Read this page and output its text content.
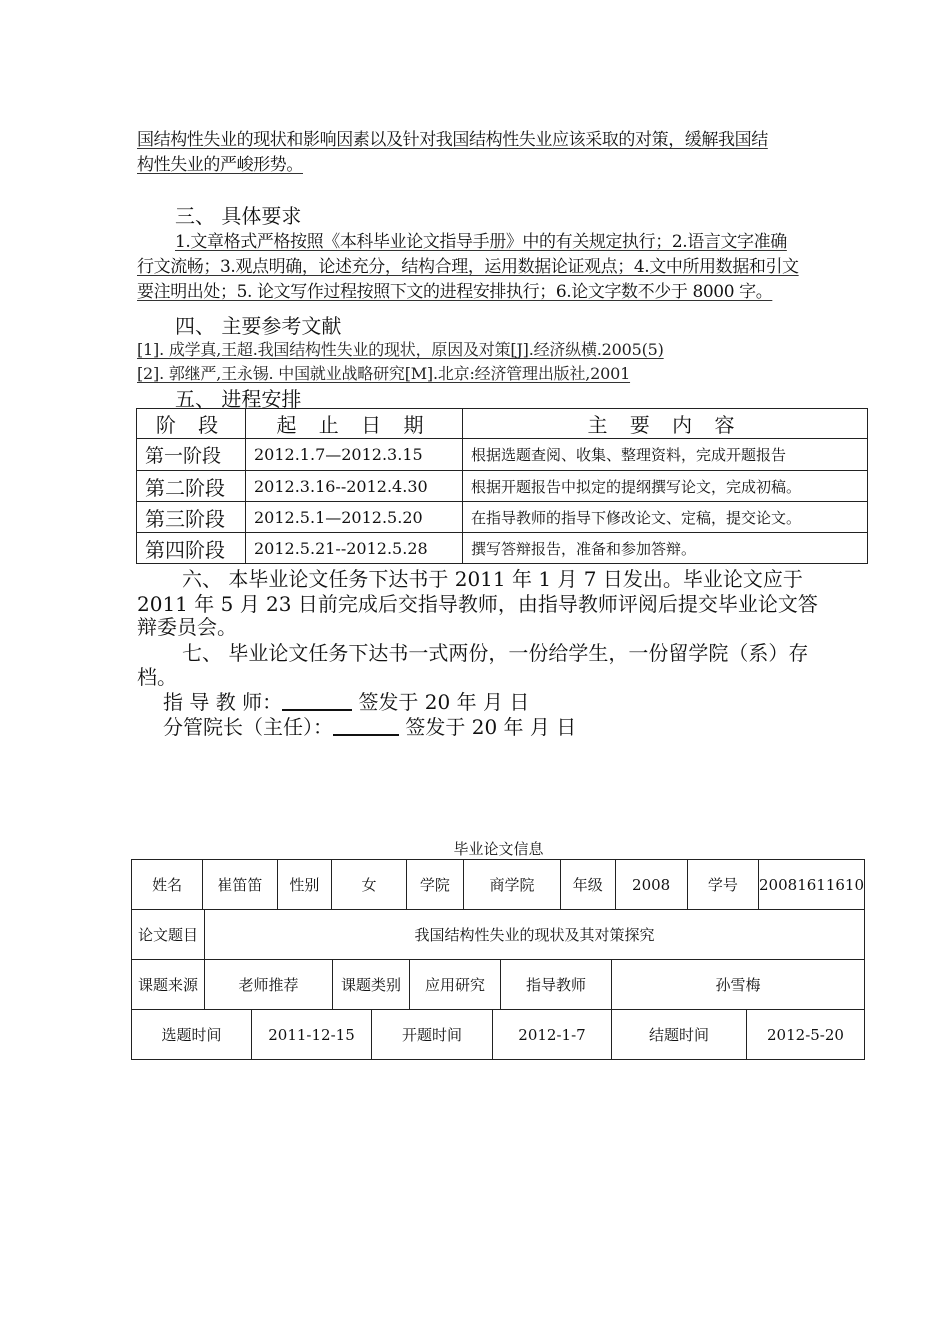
国结构性失业的现状和影响因素以及针对我国结构性失业应该采取的对策，缓解我国结
构性失业的严峻形势。
三、 具体要求
1.文章格式严格按照《本科毕业论文指导手册》中的有关规定执行；2.语言文字准确
行文流畅；3.观点明确，论述充分，结构合理，运用数据论证观点；4.文中所用数据和引文
要注明出处；5. 论文写作过程按照下文的进程安排执行；6.论文字数不少于 8000 字。
四、 主要参考文献
[1]. 成学真,王超.我国结构性失业的现状，原因及对策[J].经济纵横.2005(5)
[2]. 郭继严,王永锡. 中国就业战略研究[M].北京:经济管理出版社,2001
五、 进程安排
阶 段	起 止 日 期	主 要 内 容
第一阶段	2012.1.7—2012.3.15	根据选题查阅、收集、整理资料，完成开题报告
第二阶段	2012.3.16--2012.4.30	根据开题报告中拟定的提纲撰写论文，完成初稿。
第三阶段	2012.5.1—2012.5.20	在指导教师的指导下修改论文、定稿，提交论文。
第四阶段	2012.5.21--2012.5.28	撰写答辩报告，准备和参加答辩。
六、 本毕业论文任务下达书于 2011 年 1 月 7 日发出。毕业论文应于
2011 年 5 月 23 日前完成后交指导教师，由指导教师评阅后提交毕业论文答
辩委员会。
七、 毕业论文任务下达书一式两份，一份给学生，一份留学院（系）存
档。
指 导 教 师：	签发于 20 年 月 日
分管院长（主任）：	签发于 20 年 月 日
毕业论文信息
姓名	崔笛笛	性别	女	学院	商学院	年级	2008	学号	20081611610
论文题目	我国结构性失业的现状及其对策探究
课题来源	老师推荐	课题类别	应用研究	指导教师	孙雪梅
选题时间	2011-12-15	开题时间	2012-1-7	结题时间	2012-5-20
